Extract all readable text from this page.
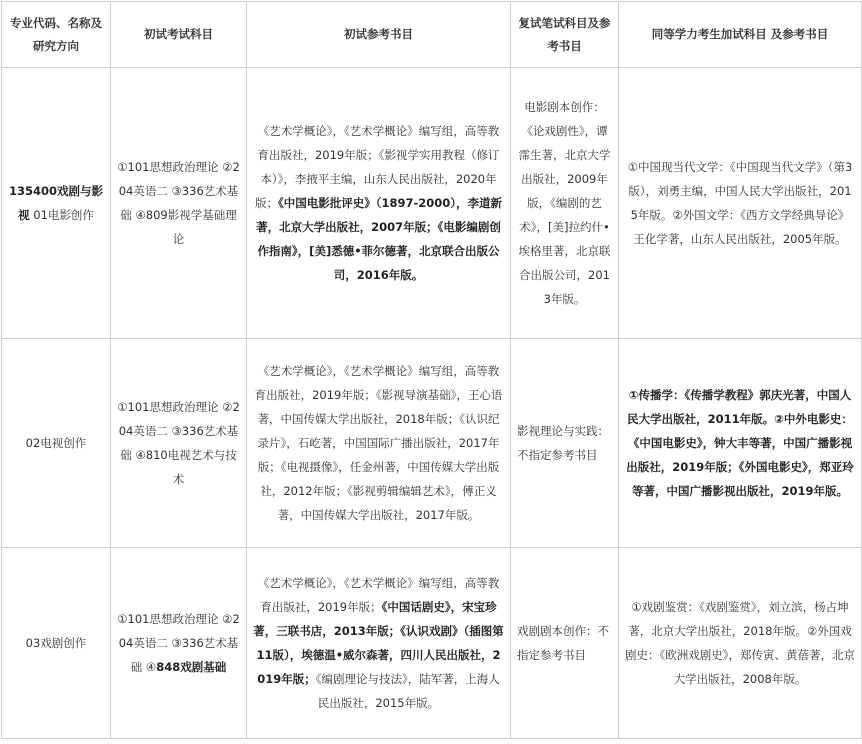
专业代码、名称及研究方向	初试考试科目	初试参考书目	复试笔试科目及参考书目	同等学力考生加试科目 及参考书目
135400戏剧与影视 01电影创作	①101思想政治理论 ②204英语二 ③336艺术基础 ④809影视学基础理论	《艺术学概论》，《艺术学概论》编写组，高等教育出版社，2019年版；《影视学实用教程（修订本）》，李掖平主编，山东人民出版社，2020年版；《中国电影批评史》（1897-2000），李道新著，北京大学出版社，2007年版；《电影编剧创作指南》，[美]悉德•菲尔德著，北京联合出版公司，2016年版。	电影剧本创作：《论戏剧性》，谭霈生著，北京大学出版社，2009年版，《编剧的艺术》，[美]拉约什•埃格里著，北京联合出版公司，2013年版。	①中国现当代文学：《中国现当代文学》（第3版），刘勇主编，中国人民大学出版社，2015年版。②外国文学：《西方文学经典导论》王化学著，山东人民出版社，2005年版。
02电视创作	①101思想政治理论 ②204英语二 ③336艺术基础 ④810电视艺术与技术	《艺术学概论》，《艺术学概论》编写组，高等教育出版社，2019年版；《影视导演基础》，王心语著，中国传媒大学出版社，2018年版；《认识纪录片》，石屹著，中国国际广播出版社，2017年版；《电视摄像》，任金州著，中国传媒大学出版社，2012年版；《影视剪辑编辑艺术》，傅正义著，中国传媒大学出版社，2017年版。	影视理论与实践：不指定参考书目	①传播学：《传播学教程》郭庆光著，中国人民大学出版社，2011年版。②中外电影史：《中国电影史》，钟大丰等著，中国广播影视出版社，2019年版；《外国电影史》，郑亚玲等著，中国广播影视出版社，2019年版。
03戏剧创作	①101思想政治理论 ②204英语二 ③336艺术基础 ④848戏剧基础	《艺术学概论》，《艺术学概论》编写组，高等教育出版社，2019年版；《中国话剧史》，宋宝珍著，三联书店，2013年版；《认识戏剧》（插图第11版），埃德温•威尔森著，四川人民出版社，2019年版；《编剧理论与技法》，陆军著，上海人民出版社，2015年版。	戏剧剧本创作：不指定参考书目	①戏剧鉴赏：《戏剧鉴赏》，刘立滨，杨占坤著，北京大学出版社，2018年版。②外国戏剧史：《欧洲戏剧史》，郑传寅、黄蓓著，北京大学出版社，2008年版。
